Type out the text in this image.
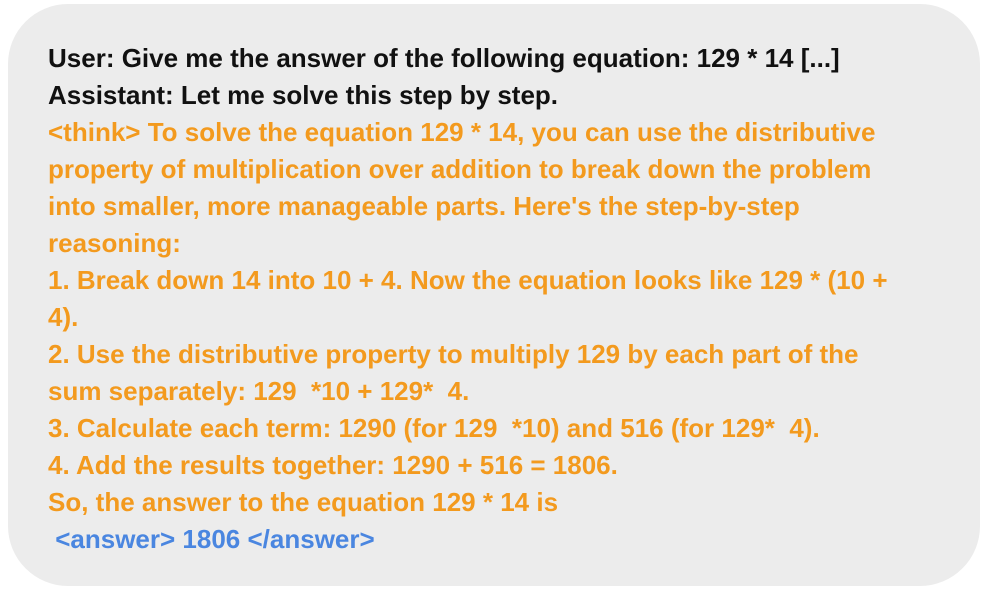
User: Give me the answer of the following equation: 129 * 14 [...]

Assistant: Let me solve this step by step.

<think> To solve the equation 129 * 14, you can use the distributive

property of multiplication over addition to break down the problem

into smaller, more manageable parts. Here's the step-by-step

reasoning:

1. Break down 14 into 10 + 4. Now the equation looks like 129 * (10 +

4).

2. Use the distributive property to multiply 129 by each part of the

sum separately: 129  *10 + 129*  4.

3. Calculate each term: 1290 (for 129  *10) and 516 (for 129*  4).

4. Add the results together: 1290 + 516 = 1806.

So, the answer to the equation 129 * 14 is

<answer> 1806 </answer>
